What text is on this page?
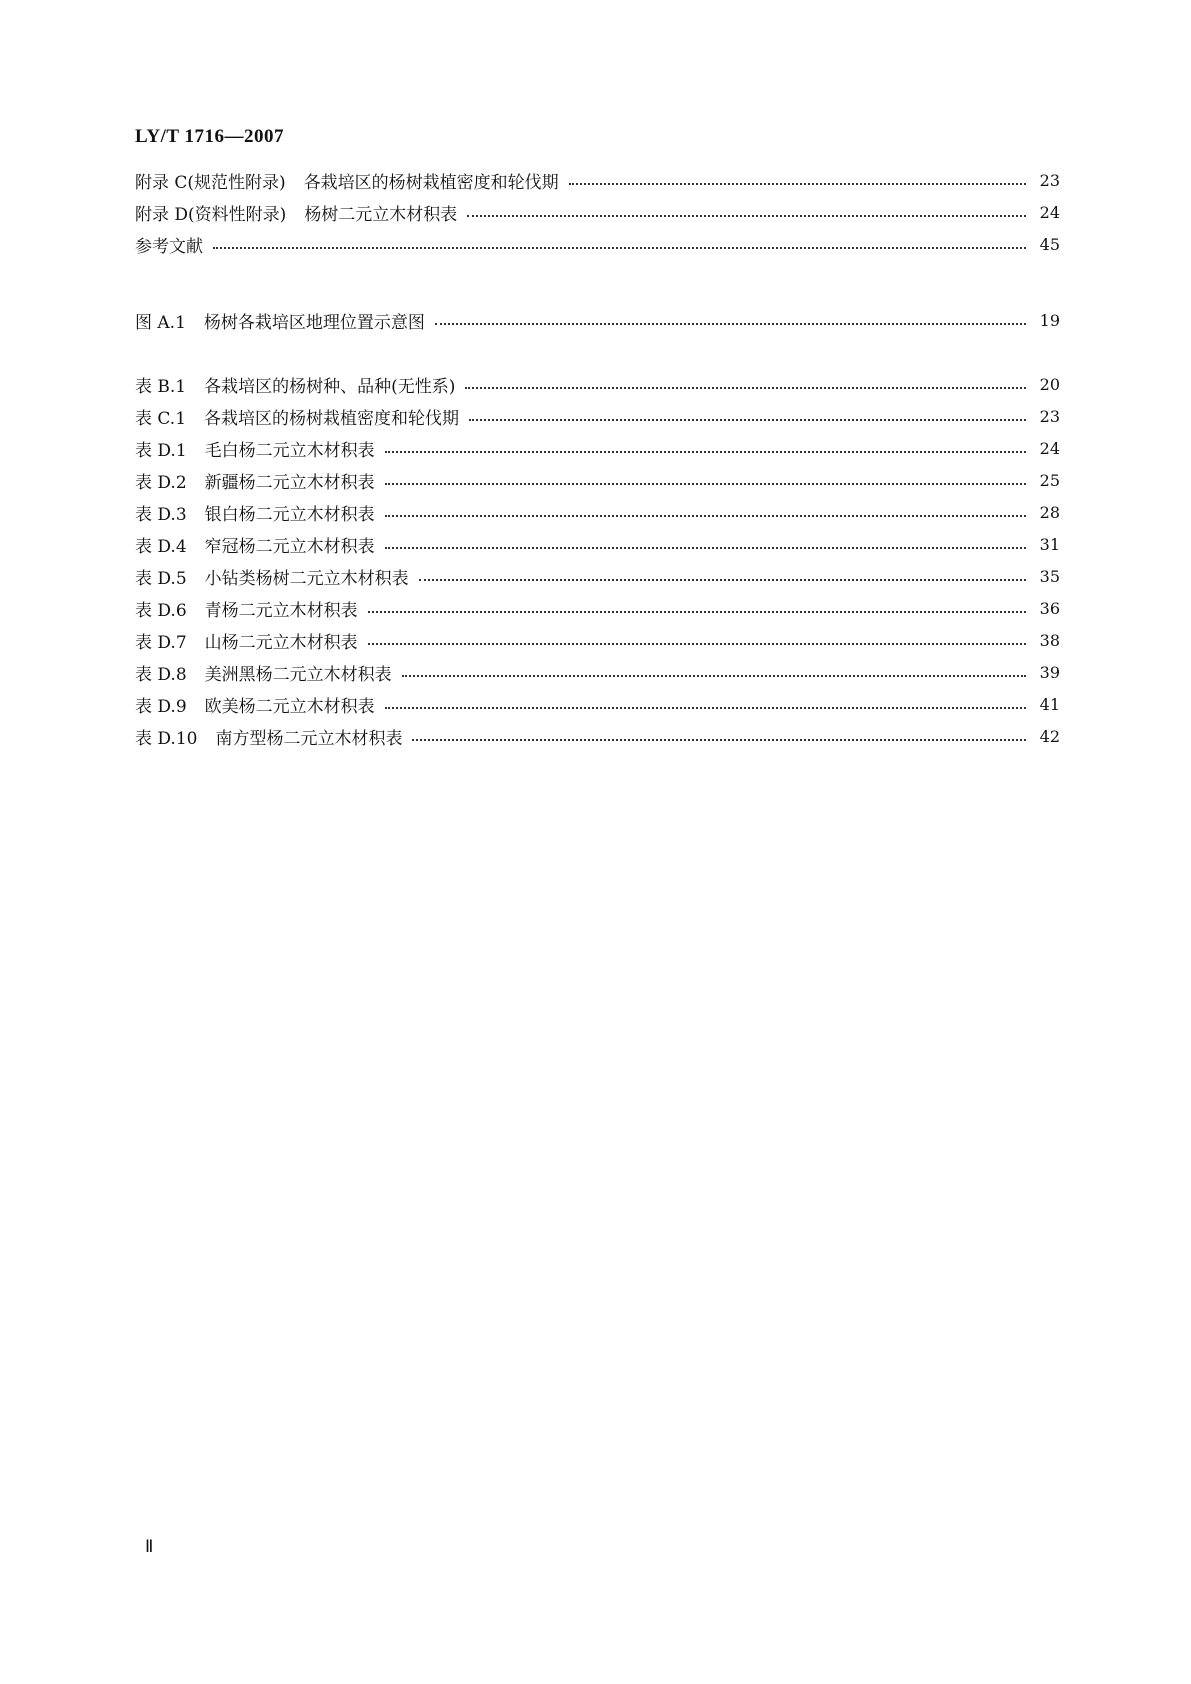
LY/T 1716—2007
附录 C(规范性附录) 各栽培区的杨树栽植密度和轮伐期	23
附录 D(资料性附录) 杨树二元立木材积表	24
参考文献	45
图 A.1 杨树各栽培区地理位置示意图	19
表 B.1 各栽培区的杨树种、品种(无性系)	20
表 C.1 各栽培区的杨树栽植密度和轮伐期	23
表 D.1 毛白杨二元立木材积表	24
表 D.2 新疆杨二元立木材积表	25
表 D.3 银白杨二元立木材积表	28
表 D.4 窄冠杨二元立木材积表	31
表 D.5 小钻类杨树二元立木材积表	35
表 D.6 青杨二元立木材积表	36
表 D.7 山杨二元立木材积表	38
表 D.8 美洲黑杨二元立木材积表	39
表 D.9 欧美杨二元立木材积表	41
表 D.10 南方型杨二元立木材积表	42
Ⅱ
